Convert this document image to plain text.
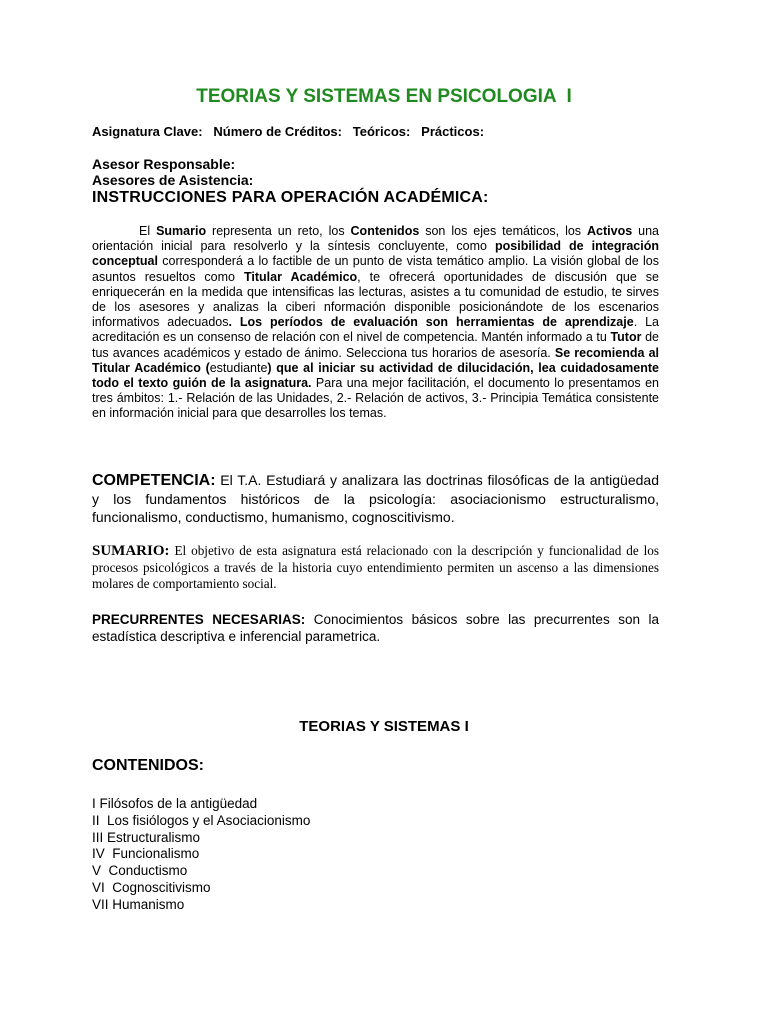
TEORIAS Y SISTEMAS EN PSICOLOGIA  I
Asignatura Clave:   Número de Créditos:   Teóricos:   Prácticos:
Asesor Responsable:
Asesores de Asistencia:
INSTRUCCIONES PARA OPERACIÓN ACADÉMICA:
El Sumario representa un reto, los Contenidos son los ejes temáticos, los Activos una orientación inicial para resolverlo y la síntesis concluyente, como posibilidad de integración conceptual corresponderá a lo factible de un punto de vista temático amplio. La visión global de los asuntos resueltos como Titular Académico, te ofrecerá oportunidades de discusión que se enriquecerán en la medida que intensificas las lecturas, asistes a tu comunidad de estudio, te sirves de los asesores y analizas la ciberi nformación disponible posicionándote de los escenarios informativos adecuados. Los períodos de evaluación son herramientas de aprendizaje. La acreditación es un consenso de relación con el nivel de competencia. Mantén informado a tu Tutor de tus avances académicos y estado de ánimo. Selecciona tus horarios de asesoría. Se recomienda al Titular Académico (estudiante) que al iniciar su actividad de dilucidación, lea cuidadosamente todo el texto guión de la asignatura. Para una mejor facilitación, el documento lo presentamos en tres ámbitos: 1.- Relación de las Unidades, 2.- Relación de activos, 3.- Principia Temática consistente en información inicial para que desarrolles los temas.
COMPETENCIA: El T.A. Estudiará y analizara las doctrinas filosóficas de la antigüedad y los fundamentos históricos de la psicología: asociacionismo estructuralismo, funcionalismo, conductismo, humanismo, cognoscitivismo.
SUMARIO: El objetivo de esta asignatura está relacionado con la descripción y funcionalidad de los procesos psicológicos a través de la historia cuyo entendimiento permiten un ascenso a las dimensiones molares de comportamiento social.
PRECURRENTES NECESARIAS: Conocimientos básicos sobre las precurrentes son la estadística descriptiva e inferencial parametrica.
TEORIAS Y SISTEMAS I
CONTENIDOS:
I Filósofos de la antigüedad
II  Los fisiólogos y el Asociacionismo
III Estructuralismo
IV  Funcionalismo
V  Conductismo
VI  Cognoscitivismo
VII Humanismo
